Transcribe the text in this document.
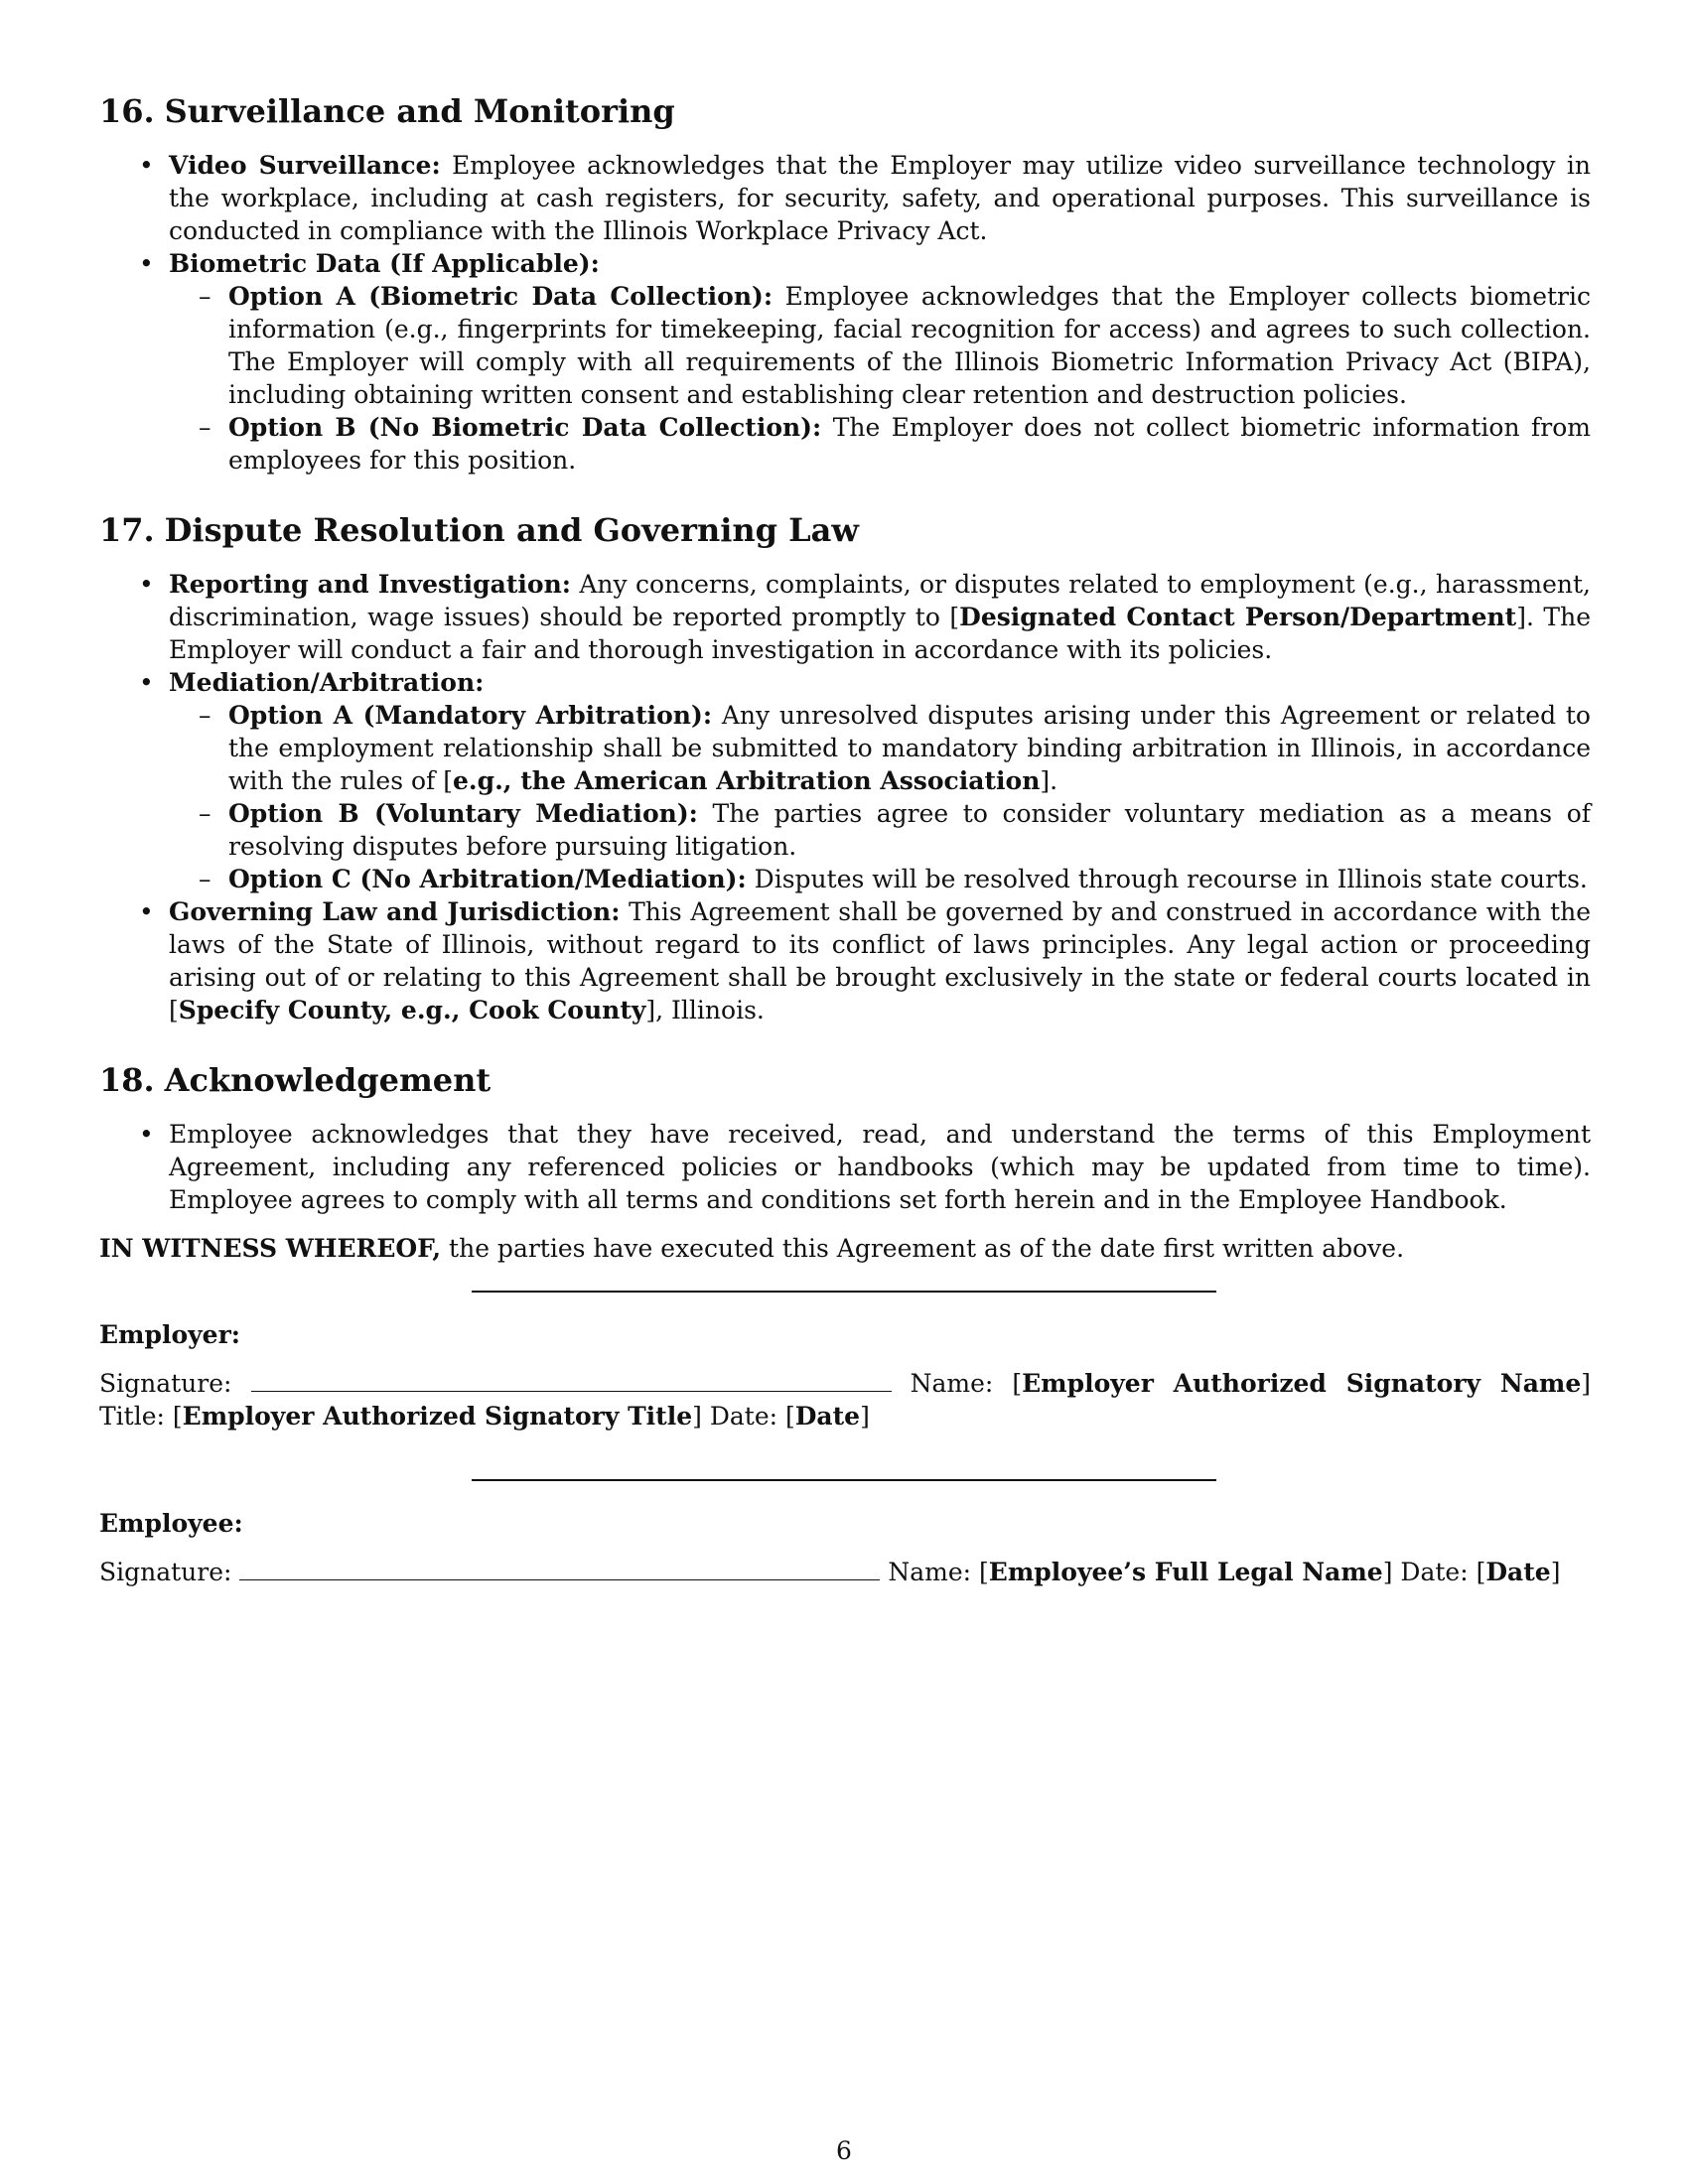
16. Surveillance and Monitoring
• Video Surveillance: Employee acknowledges that the Employer may utilize video surveillance technology in the workplace, including at cash registers, for security, safety, and operational purposes. This surveillance is conducted in compliance with the Illinois Workplace Privacy Act.
• Biometric Data (If Applicable):
– Option A (Biometric Data Collection): Employee acknowledges that the Employer collects biometric information (e.g., fingerprints for timekeeping, facial recognition for access) and agrees to such collection. The Employer will comply with all requirements of the Illinois Biometric Information Privacy Act (BIPA), including obtaining written consent and establishing clear retention and destruction policies.
– Option B (No Biometric Data Collection): The Employer does not collect biometric information from employees for this position.
17. Dispute Resolution and Governing Law
• Reporting and Investigation: Any concerns, complaints, or disputes related to employment (e.g., harassment, discrimination, wage issues) should be reported promptly to [Designated Contact Person/Department]. The Employer will conduct a fair and thorough investigation in accordance with its policies.
• Mediation/Arbitration:
– Option A (Mandatory Arbitration): Any unresolved disputes arising under this Agreement or related to the employment relationship shall be submitted to mandatory binding arbitration in Illinois, in accordance with the rules of [e.g., the American Arbitration Association].
– Option B (Voluntary Mediation): The parties agree to consider voluntary mediation as a means of resolving disputes before pursuing litigation.
– Option C (No Arbitration/Mediation): Disputes will be resolved through recourse in Illinois state courts.
• Governing Law and Jurisdiction: This Agreement shall be governed by and construed in accordance with the laws of the State of Illinois, without regard to its conflict of laws principles. Any legal action or proceeding arising out of or relating to this Agreement shall be brought exclusively in the state or federal courts located in [Specify County, e.g., Cook County], Illinois.
18. Acknowledgement
• Employee acknowledges that they have received, read, and understand the terms of this Employment Agreement, including any referenced policies or handbooks (which may be updated from time to time). Employee agrees to comply with all terms and conditions set forth herein and in the Employee Handbook.

IN WITNESS WHEREOF, the parties have executed this Agreement as of the date first written above.

Employer:

Signature:	Name: [Employer Authorized Signatory Name] Title: [Employer Authorized Signatory Title] Date: [Date]

Employee:

Signature:	Name: [Employee’s Full Legal Name] Date: [Date]

6
